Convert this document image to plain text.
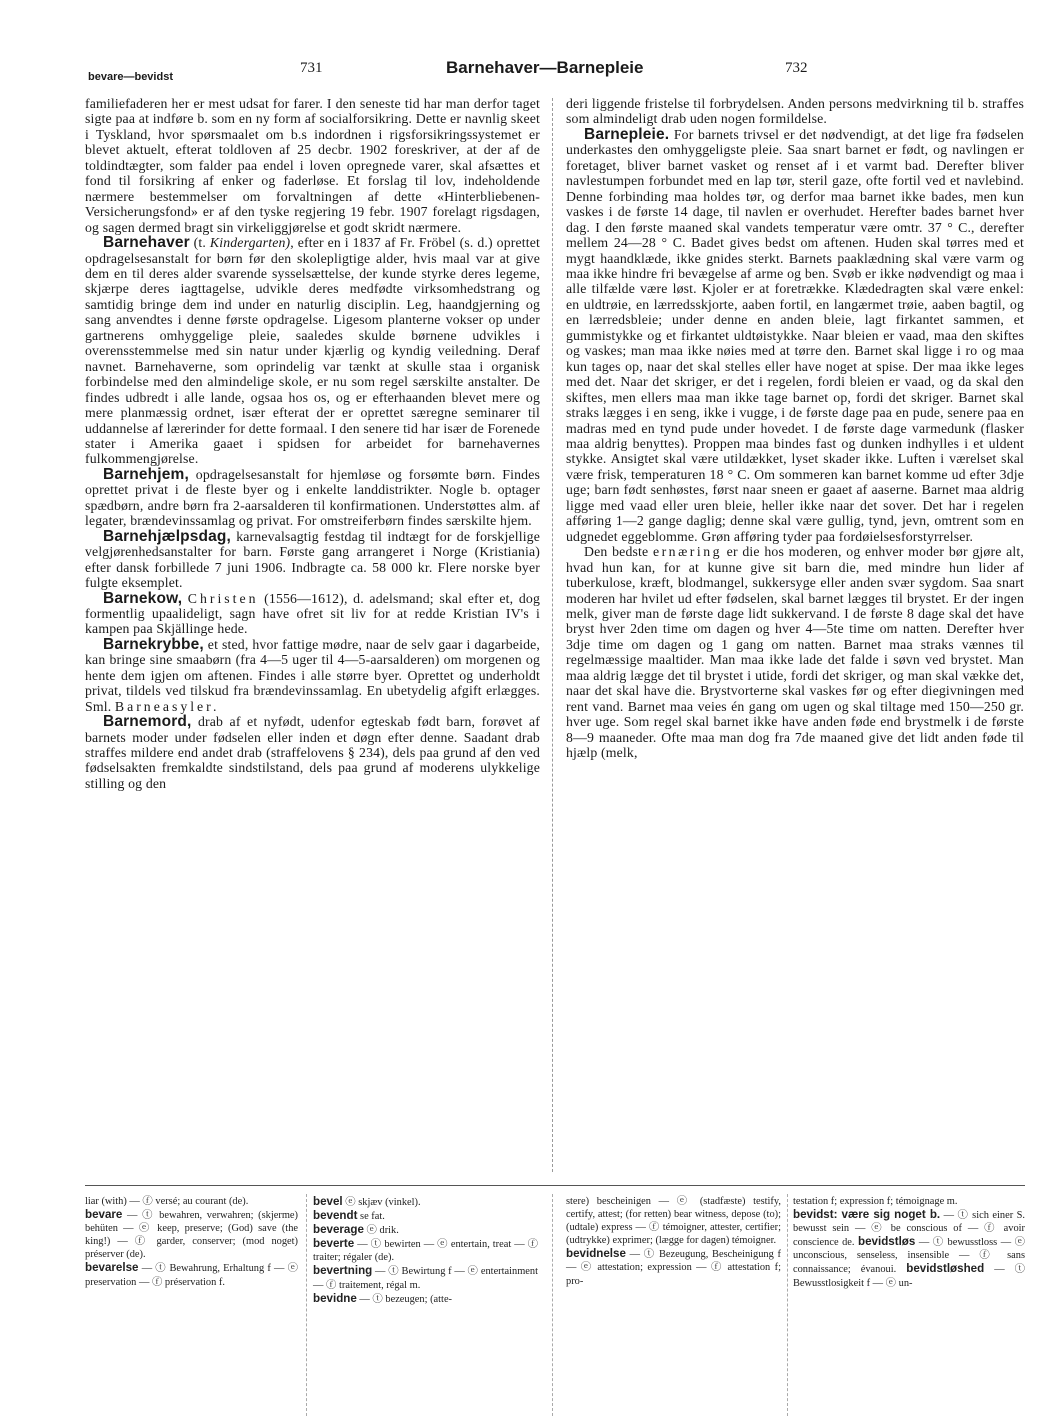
731	Barnehaver—Barnepleie	732
bevare—bevidst

familiefaderen her er mest udsat for farer. I den seneste tid har man derfor taget sigte paa at indføre b. som en ny form af socialforsikring. Dette er navnlig skeet i Tyskland, hvor spørsmaalet om b.s indordnen i rigsforsikringssystemet er blevet aktuelt, efterat toldloven af 25 decbr. 1902 foreskriver, at der af de toldindtægter, som falder paa endel i loven opregnede varer, skal afsættes et fond til forsikring af enker og faderløse. Et forslag til lov, indeholdende nærmere bestemmelser om forvaltningen af dette «Hinterbliebenen-Versicherungsfond» er af den tyske regjering 19 febr. 1907 forelagt rigsdagen, og sagen dermed bragt sin virkeliggjørelse et godt skridt nærmere.

Barnehaver (t. Kindergarten), efter en i 1837 af Fr. Fröbel (s. d.) oprettet opdragelsesanstalt for børn før den skolepligtige alder, hvis maal var at give dem en til deres alder svarende sysselsættelse, der kunde styrke deres legeme, skjærpe deres iagttagelse, udvikle deres medfødte virksomhedstrang og samtidig bringe dem ind under en naturlig disciplin. Leg, haandgjerning og sang anvendtes i denne første opdragelse. Ligesom planterne vokser op under gartnerens omhyggelige pleie, saaledes skulde børnene udvikles i overensstemmelse med sin natur under kjærlig og kyndig veiledning. Deraf navnet. Barnehaverne, som oprindelig var tænkt at skulle staa i organisk forbindelse med den almindelige skole, er nu som regel særskilte anstalter. De findes udbredt i alle lande, ogsaa hos os, og er efterhaanden blevet mere og mere planmæssig ordnet, især efterat der er oprettet særegne seminarer til uddannelse af lærerinder for dette formaal. I den senere tid har især de Forenede stater i Amerika gaaet i spidsen for arbeidet for barnehavernes fulkommengjørelse.

Barnehjem, opdragelsesanstalt for hjemløse og forsømte børn. Findes oprettet privat i de fleste byer og i enkelte landdistrikter. Nogle b. optager spædbørn, andre børn fra 2-aarsalderen til konfirmationen. Understøttes alm. af legater, brændevinssamlag og privat. For omstreiferbørn findes særskilte hjem.

Barnehjælpsdag, karnevalsagtig festdag til indtægt for de forskjellige velgjørenhedsanstalter for barn. Første gang arrangeret i Norge (Kristiania) efter dansk forbillede 7 juni 1906. Indbragte ca. 58 000 kr. Flere norske byer fulgte eksemplet.

Barnekow, Christen (1556—1612), d. adelsmand; skal efter et, dog formentlig upaalideligt, sagn have ofret sit liv for at redde Kristian IV's i kampen paa Skjällinge hede.

Barnekrybbe, et sted, hvor fattige mødre, naar de selv gaar i dagarbeide, kan bringe sine smaabørn (fra 4—5 uger til 4—5-aarsalderen) om morgenen og hente dem igjen om aftenen. Findes i alle større byer. Oprettet og underholdt privat, tildels ved tilskud fra brændevinssamlag. En ubetydelig afgift erlægges. Sml. Barneasyler.

Barnemord, drab af et nyfødt, udenfor egteskab født barn, forøvet af barnets moder under fødselen eller inden et døgn efter denne. Saadant drab straffes mildere end andet drab (straffelovens § 234), dels paa grund af den ved fødselsakten fremkaldte sindstilstand, dels paa grund af moderens ulykkelige stilling og den

deri liggende fristelse til forbrydelsen. Anden persons medvirkning til b. straffes som almindeligt drab uden nogen formildelse.

Barnepleie. For barnets trivsel er det nødvendigt, at det lige fra fødselen underkastes den omhyggeligste pleie. Saa snart barnet er født, og navlingen er foretaget, bliver barnet vasket og renset af i et varmt bad. Derefter bliver navlestumpen forbundet med en lap tør, steril gaze, ofte fortil ved et navlebind. Denne forbinding maa holdes tør, og derfor maa barnet ikke bades, men kun vaskes i de første 14 dage, til navlen er overhudet. Herefter bades barnet hver dag. I den første maaned skal vandets temperatur være omtr. 37 ° C., derefter mellem 24—28 ° C. Badet gives bedst om aftenen. Huden skal tørres med et mygt haandklæde, ikke gnides sterkt. Barnets paaklædning skal være varm og maa ikke hindre fri bevægelse af arme og ben. Svøb er ikke nødvendigt og maa i alle tilfælde være løst. Kjoler er at foretrække. Klædedragten skal være enkel: en uldtrøie, en lærredsskjorte, aaben fortil, en langærmet trøie, aaben bagtil, og en lærredsbleie; under denne en anden bleie, lagt firkantet sammen, et gummistykke og et firkantet uldtøistykke. Naar bleien er vaad, maa den skiftes og vaskes; man maa ikke nøies med at tørre den. Barnet skal ligge i ro og maa kun tages op, naar det skal stelles eller have noget at spise. Der maa ikke leges med det. Naar det skriger, er det i regelen, fordi bleien er vaad, og da skal den skiftes, men ellers maa man ikke tage barnet op, fordi det skriger. Barnet skal straks lægges i en seng, ikke i vugge, i de første dage paa en pude, senere paa en madras med en tynd pude under hovedet. I de første dage varmedunk (flasker maa aldrig benyttes). Proppen maa bindes fast og dunken indhylles i et uldent stykke. Ansigtet skal være utildækket, lyset skader ikke. Luften i værelset skal være frisk, temperaturen 18 ° C. Om sommeren kan barnet komme ud efter 3dje uge; barn født senhøstes, først naar sneen er gaaet af aaserne. Barnet maa aldrig ligge med vaad eller uren bleie, heller ikke naar det sover. Det har i regelen afføring 1—2 gange daglig; denne skal være gullig, tynd, jevn, omtrent som en udgnedet eggeblomme. Grøn afføring tyder paa fordøielsesforstyrrelser.

Den bedste ernæring er die hos moderen, og enhver moder bør gjøre alt, hvad hun kan, for at kunne give sit barn die, med mindre hun lider af tuberkulose, kræft, blodmangel, sukkersyge eller anden svær sygdom. Saa snart moderen har hvilet ud efter fødselen, skal barnet lægges til brystet. Er der ingen melk, giver man de første dage lidt sukkervand. I de første 8 dage skal det have bryst hver 2den time om dagen og hver 4—5te time om natten. Derefter hver 3dje time om dagen og 1 gang om natten. Barnet maa straks vænnes til regelmæssige maaltider. Man maa ikke lade det falde i søvn ved brystet. Man maa aldrig lægge det til brystet i utide, fordi det skriger, og man skal vække det, naar det skal have die. Brystvorterne skal vaskes før og efter diegivningen med rent vand. Barnet maa veies én gang om ugen og skal tiltage med 150—250 gr. hver uge. Som regel skal barnet ikke have anden føde end brystmelk i de første 8—9 maaneder. Ofte maa man dog fra 7de maaned give det lidt anden føde til hjælp (melk,

liar (with) — ⓕ versé; au courant (de).
bevare — ⓣ bewahren, verwahren; (skjerme) behüten — ⓔ keep, preserve; (God) save (the king!) — ⓕ garder, conserver; (mod noget) préserver (de).
bevarelse — ⓣ Bewahrung, Erhaltung f — ⓔ preservation — ⓕ préservation f.
bevel ⓔ skjæv (vinkel).
bevendt se fat.
beverage ⓔ drik.
beverte — ⓣ bewirten — ⓔ entertain, treat — ⓕ traiter; régaler (de).
bevertning — ⓣ Bewirtung f — ⓔ entertainment — ⓕ traitement, régal m.
bevidne — ⓣ bezeugen; (atte-
stere) bescheinigen — ⓔ (stadfæste) testify, certify, attest; (for retten) bear witness, depose (to); (udtale) express — ⓕ témoigner, attester, certifier; (udtrykke) exprimer; (lægge for dagen) témoigner.
bevidnelse — ⓣ Bezeugung, Bescheinigung f — ⓔ attestation; expression — ⓕ attestation f; pro-
testation f; expression f; témoignage m.
bevidst: være sig noget b. — ⓣ sich einer S. bewusst sein — ⓔ be conscious of — ⓕ avoir conscience de. bevidstløs — ⓣ bewusstloss — ⓔ unconscious, senseless, insensible — ⓕ sans connaissance; évanoui. bevidstløshed — ⓣ Bewusstlosigkeit f — ⓔ un-
